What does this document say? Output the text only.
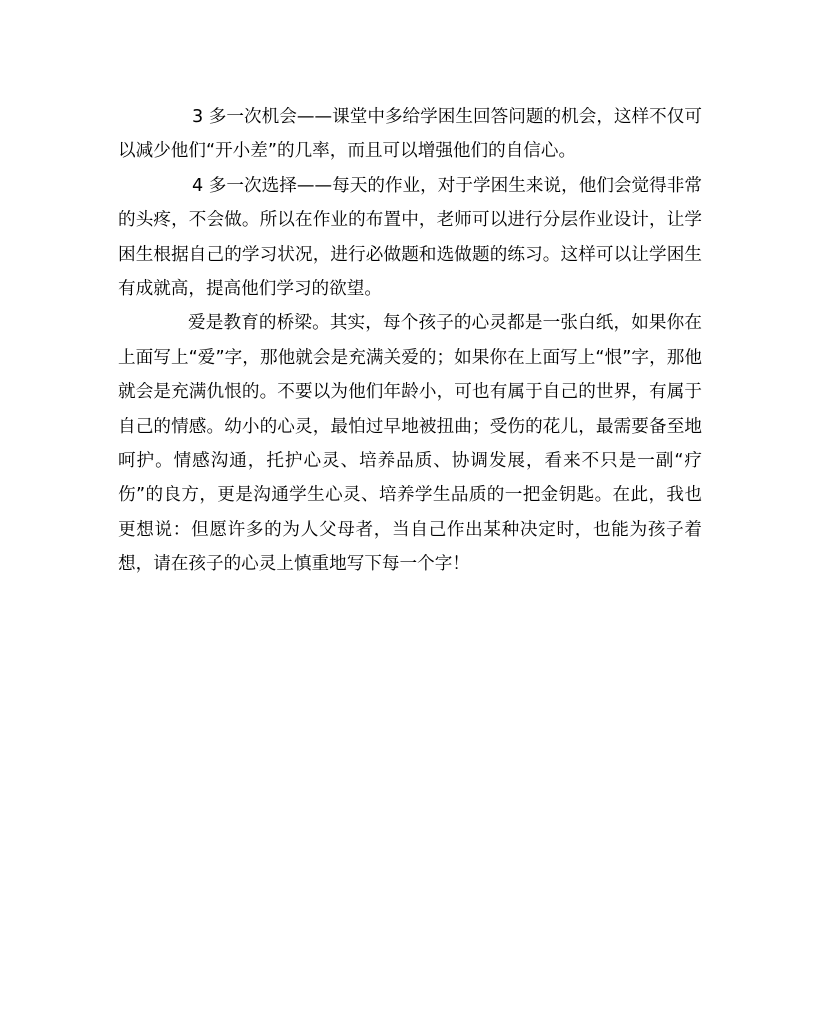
3 多一次机会——课堂中多给学困生回答问题的机会，这样不仅可以减少他们“开小差”的几率，而且可以增强他们的自信心。

4 多一次选择——每天的作业，对于学困生来说，他们会觉得非常的头疼，不会做。所以在作业的布置中，老师可以进行分层作业设计，让学困生根据自己的学习状况，进行必做题和选做题的练习。这样可以让学困生有成就高，提高他们学习的欲望。

爱是教育的桥梁。其实，每个孩子的心灵都是一张白纸，如果你在上面写上“爱”字，那他就会是充满关爱的；如果你在上面写上“恨”字，那他就会是充满仇恨的。不要以为他们年龄小，可也有属于自己的世界，有属于自己的情感。幼小的心灵，最怕过早地被扭曲；受伤的花儿，最需要备至地呵护。情感沟通，托护心灵、培养品质、协调发展，看来不只是一副“疗伤”的良方，更是沟通学生心灵、培养学生品质的一把金钥匙。在此，我也更想说：但愿许多的为人父母者，当自己作出某种决定时，也能为孩子着想，请在孩子的心灵上慎重地写下每一个字！
